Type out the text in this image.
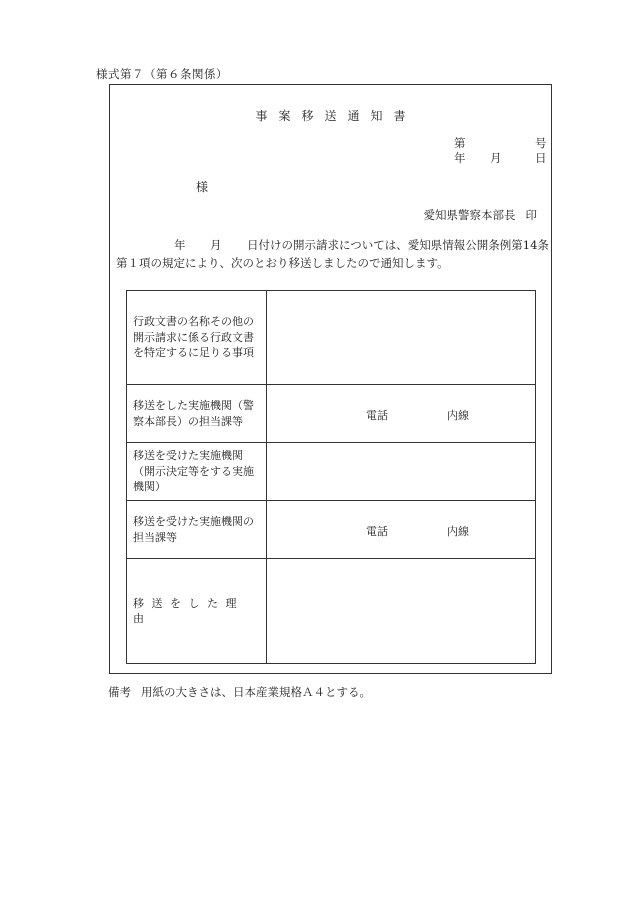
様式第７（第６条関係）
事案移送通知書
第	号
年 月	日
様
愛知県警察本部長 印
年 月 日付けの開示請求については、愛知県情報公開条例第14条
第１項の規定により、次のとおり移送しましたので通知します。
行政文書の名称その他の開示請求に係る行政文書を特定するに足りる事項	
移送をした実施機関（警察本部長）の担当課等	電話 内線

移送を受けた実施機関（開示決定等をする実施機関）	
移送を受けた実施機関の担当課等	電話 内線

移送をした理由	
備考 用紙の大きさは、日本産業規格Ａ４とする。
